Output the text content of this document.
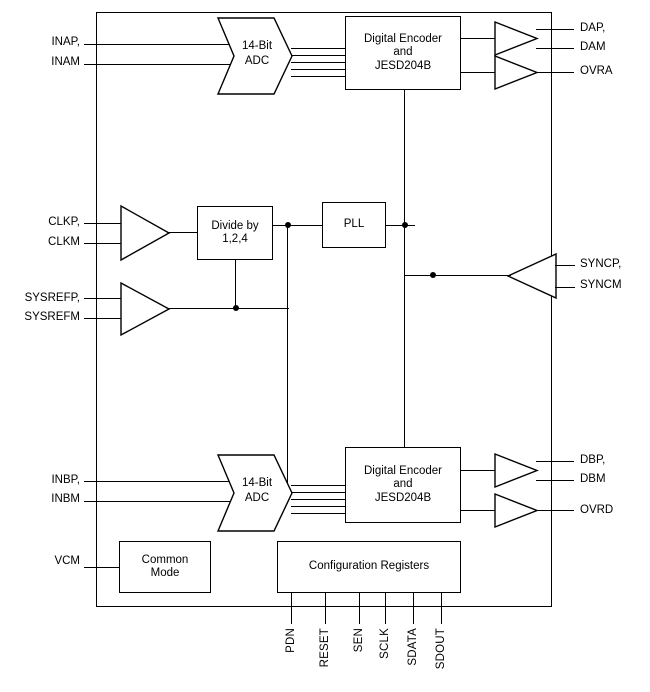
INAP,
INAM
14-Bit
ADC
Digital Encoder
and
JESD204B
DAP,
DAM
OVRA
CLKP,
CLKM
Divide by
1,2,4
PLL
SYNCP,
SYNCM
SYSREFP,
SYSREFM
INBP,
INBM
14-Bit
ADC
Digital Encoder
and
JESD204B
DBP,
DBM
OVRD
VCM	Common
Mode
Configuration Registers
PDN RESET SEN SCLK SDATA SDOUT
